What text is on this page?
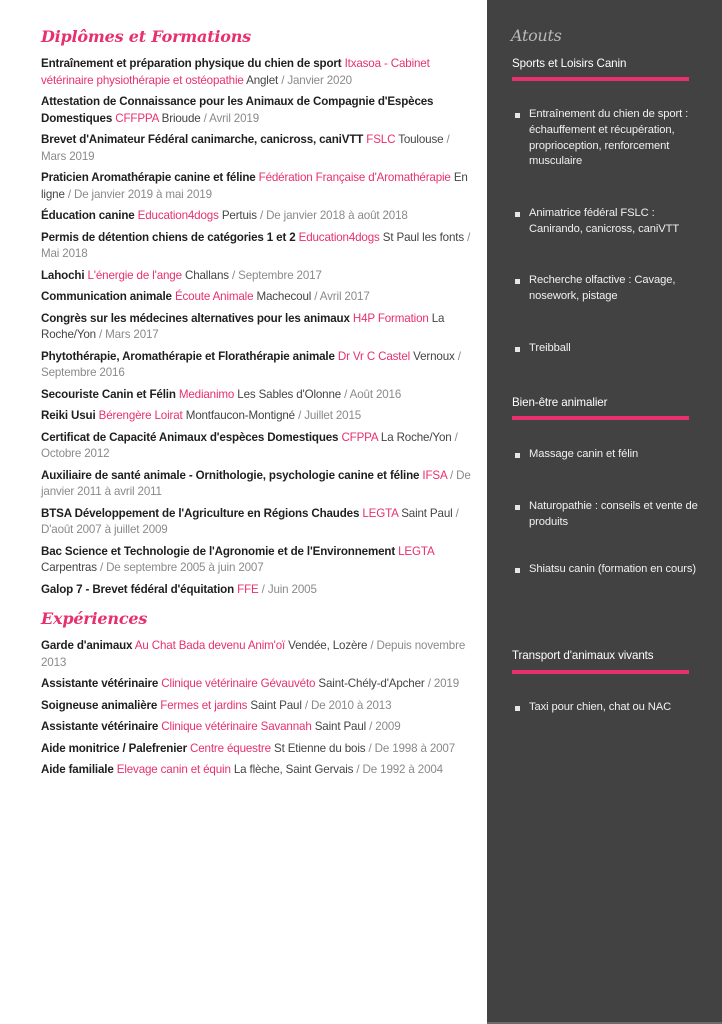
Diplômes et Formations
Entraînement et préparation physique du chien de sport Itxasoa - Cabinet vétérinaire physiothérapie et ostéopathie Anglet / Janvier 2020
Attestation de Connaissance pour les Animaux de Compagnie d'Espèces Domestiques CFFPPA Brioude / Avril 2019
Brevet d'Animateur Fédéral canimarche, canicross, caniVTT FSLC Toulouse / Mars 2019
Praticien Aromathérapie canine et féline Fédération Française d'Aromathérapie En ligne / De janvier 2019 à mai 2019
Éducation canine Education4dogs Pertuis / De janvier 2018 à août 2018
Permis de détention chiens de catégories 1 et 2 Education4dogs St Paul les fonts / Mai 2018
Lahochi L'énergie de l'ange Challans / Septembre 2017
Communication animale Écoute Animale Machecoul / Avril 2017
Congrès sur les médecines alternatives pour les animaux H4P Formation La Roche/Yon / Mars 2017
Phytothérapie, Aromathérapie et Florathérapie animale Dr Vr C Castel Vernoux / Septembre 2016
Secouriste Canin et Félin Medianimo Les Sables d'Olonne / Août 2016
Reiki Usui Bérengère Loirat Montfaucon-Montigné / Juillet 2015
Certificat de Capacité Animaux d'espèces Domestiques CFPPA La Roche/Yon / Octobre 2012
Auxiliaire de santé animale - Ornithologie, psychologie canine et féline IFSA / De janvier 2011 à avril 2011
BTSA Développement de l'Agriculture en Régions Chaudes LEGTA Saint Paul / D'août 2007 à juillet 2009
Bac Science et Technologie de l'Agronomie et de l'Environnement LEGTA Carpentras / De septembre 2005 à juin 2007
Galop 7 - Brevet fédéral d'équitation FFE / Juin 2005
Expériences
Garde d'animaux Au Chat Bada devenu Anim'oï Vendée, Lozère / Depuis novembre 2013
Assistante vétérinaire Clinique vétérinaire Gévauvéto Saint-Chély-d'Apcher / 2019
Soigneuse animalière Fermes et jardins Saint Paul / De 2010 à 2013
Assistante vétérinaire Clinique vétérinaire Savannah Saint Paul / 2009
Aide monitrice / Palefrenier Centre équestre St Etienne du bois / De 1998 à 2007
Aide familiale Elevage canin et équin La flèche, Saint Gervais / De 1992 à 2004
Atouts
Sports et Loisirs Canin
Entraînement du chien de sport : échauffement et récupération, proprioception, renforcement musculaire
Animatrice fédéral FSLC : Canirando, canicross, caniVTT
Recherche olfactive : Cavage, nosework, pistage
Treibball
Bien-être animalier
Massage canin et félin
Naturopathie : conseils et vente de produits
Shiatsu canin (formation en cours)
Transport d'animaux vivants
Taxi pour chien, chat ou NAC
